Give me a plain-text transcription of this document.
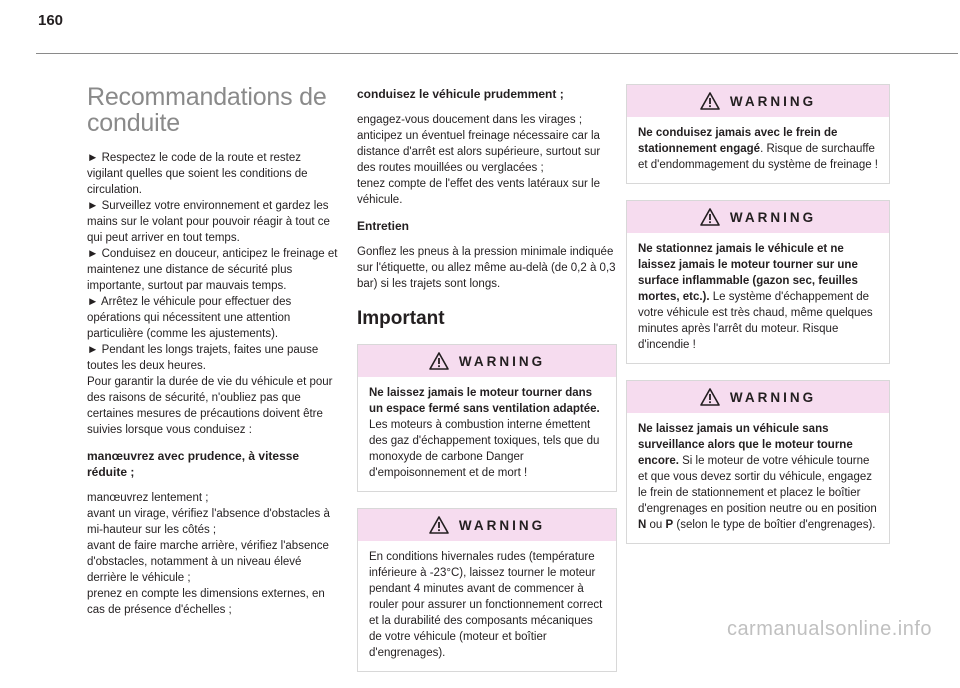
160
Recommandations de conduite
► Respectez le code de la route et restez vigilant quelles que soient les conditions de circulation.
► Surveillez votre environnement et gardez les mains sur le volant pour pouvoir réagir à tout ce qui peut arriver en tout temps.
► Conduisez en douceur, anticipez le freinage et maintenez une distance de sécurité plus importante, surtout par mauvais temps.
► Arrêtez le véhicule pour effectuer des opérations qui nécessitent une attention particulière (comme les ajustements).
► Pendant les longs trajets, faites une pause toutes les deux heures.
Pour garantir la durée de vie du véhicule et pour des raisons de sécurité, n'oubliez pas que certaines mesures de précautions doivent être suivies lorsque vous conduisez :
manœuvrez avec prudence, à vitesse réduite ;
manœuvrez lentement ;
avant un virage, vérifiez l'absence d'obstacles à mi-hauteur sur les côtés ;
avant de faire marche arrière, vérifiez l'absence d'obstacles, notamment à un niveau élevé derrière le véhicule ;
prenez en compte les dimensions externes, en cas de présence d'échelles ;
conduisez le véhicule prudemment ;
engagez-vous doucement dans les virages ; anticipez un éventuel freinage nécessaire car la distance d'arrêt est alors supérieure, surtout sur des routes mouillées ou verglacées ;
tenez compte de l'effet des vents latéraux sur le véhicule.
Entretien
Gonflez les pneus à la pression minimale indiquée sur l'étiquette, ou allez même au-delà (de 0,2 à 0,3 bar) si les trajets sont longs.
Important
WARNING
Ne laissez jamais le moteur tourner dans un espace fermé sans ventilation adaptée. Les moteurs à combustion interne émettent des gaz d'échappement toxiques, tels que du monoxyde de carbone Danger d'empoisonnement et de mort !
WARNING
En conditions hivernales rudes (température inférieure à -23°C), laissez tourner le moteur pendant 4 minutes avant de commencer à rouler pour assurer un fonctionnement correct et la durabilité des composants mécaniques de votre véhicule (moteur et boîtier d'engrenages).
WARNING
Ne conduisez jamais avec le frein de stationnement engagé. Risque de surchauffe et d'endommagement du système de freinage !
WARNING
Ne stationnez jamais le véhicule et ne laissez jamais le moteur tourner sur une surface inflammable (gazon sec, feuilles mortes, etc.). Le système d'échappement de votre véhicule est très chaud, même quelques minutes après l'arrêt du moteur. Risque d'incendie !
WARNING
Ne laissez jamais un véhicule sans surveillance alors que le moteur tourne encore. Si le moteur de votre véhicule tourne et que vous devez sortir du véhicule, engagez le frein de stationnement et placez le boîtier d'engrenages en position neutre ou en position N ou P (selon le type de boîtier d'engrenages).
carmanualsonline.info
